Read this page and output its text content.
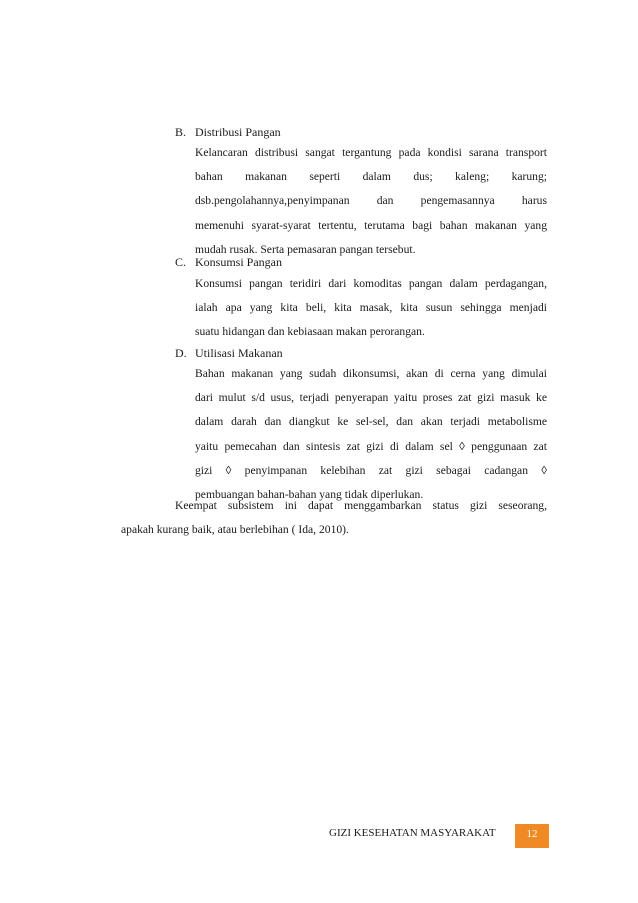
B. Distribusi Pangan
Kelancaran distribusi sangat tergantung pada kondisi sarana transport
bahan makanan seperti dalam dus; kaleng; karung;
dsb.pengolahannya,penyimpanan dan pengemasannya harus
memenuhi syarat-syarat tertentu, terutama bagi bahan makanan yang
mudah rusak. Serta pemasaran pangan tersebut.
C. Konsumsi Pangan
Konsumsi pangan teridiri dari komoditas pangan dalam perdagangan,
ialah apa yang kita beli, kita masak, kita susun sehingga menjadi
suatu hidangan dan kebiasaan makan perorangan.
D. Utilisasi Makanan
Bahan makanan yang sudah dikonsumsi, akan di cerna yang dimulai
dari mulut s/d usus, terjadi penyerapan yaitu proses zat gizi masuk ke
dalam darah dan diangkut ke sel-sel, dan akan terjadi metabolisme
yaitu pemecahan dan sintesis zat gizi di dalam sel ◊ penggunaan zat
gizi ◊ penyimpanan kelebihan zat gizi sebagai cadangan ◊
pembuangan bahan-bahan yang tidak diperlukan.
Keempat subsistem ini dapat menggambarkan status gizi seseorang,
apakah kurang baik, atau berlebihan ( Ida, 2010).
GIZI KESEHATAN MASYARAKAT	12
